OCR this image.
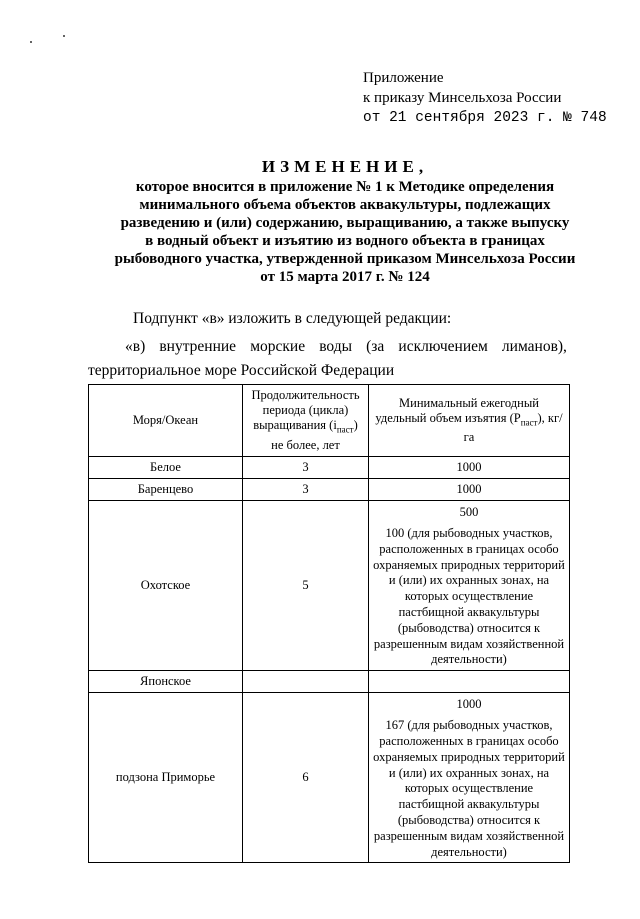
Приложение
к приказу Минсельхоза России
от 21 сентября 2023 г. № 748
ИЗМЕНЕНИЕ,
которое вносится в приложение № 1 к Методике определения
минимального объема объектов аквакультуры, подлежащих
разведению и (или) содержанию, выращиванию, а также выпуску
в водный объект и изъятию из водного объекта в границах
рыбоводного участка, утвержденной приказом Минсельхоза России
от 15 марта 2017 г. № 124
Подпункт «в» изложить в следующей редакции:
«в) внутренние морские воды (за исключением лиманов),
территориальное море Российской Федерации
Моря/Океан	Продолжительность периода (цикла) выращивания $(i_{паст})$ не более, лет	Минимальный ежегодный удельный объем изъятия $(P_{паст})$, кг/га
Белое	3	1000
Баренцево	3	1000
Охотское	5	500
100 (для рыбоводных участков, расположенных в границах особо охраняемых природных территорий и (или) их охранных зонах, на которых осуществление пастбищной аквакультуры (рыбоводства) относится к разрешенным видам хозяйственной деятельности)

Японское		
подзона Приморье	6	1000
167 (для рыбоводных участков, расположенных в границах особо охраняемых природных территорий и (или) их охранных зонах, на которых осуществление пастбищной аквакультуры (рыбоводства) относится к разрешенным видам хозяйственной деятельности)
